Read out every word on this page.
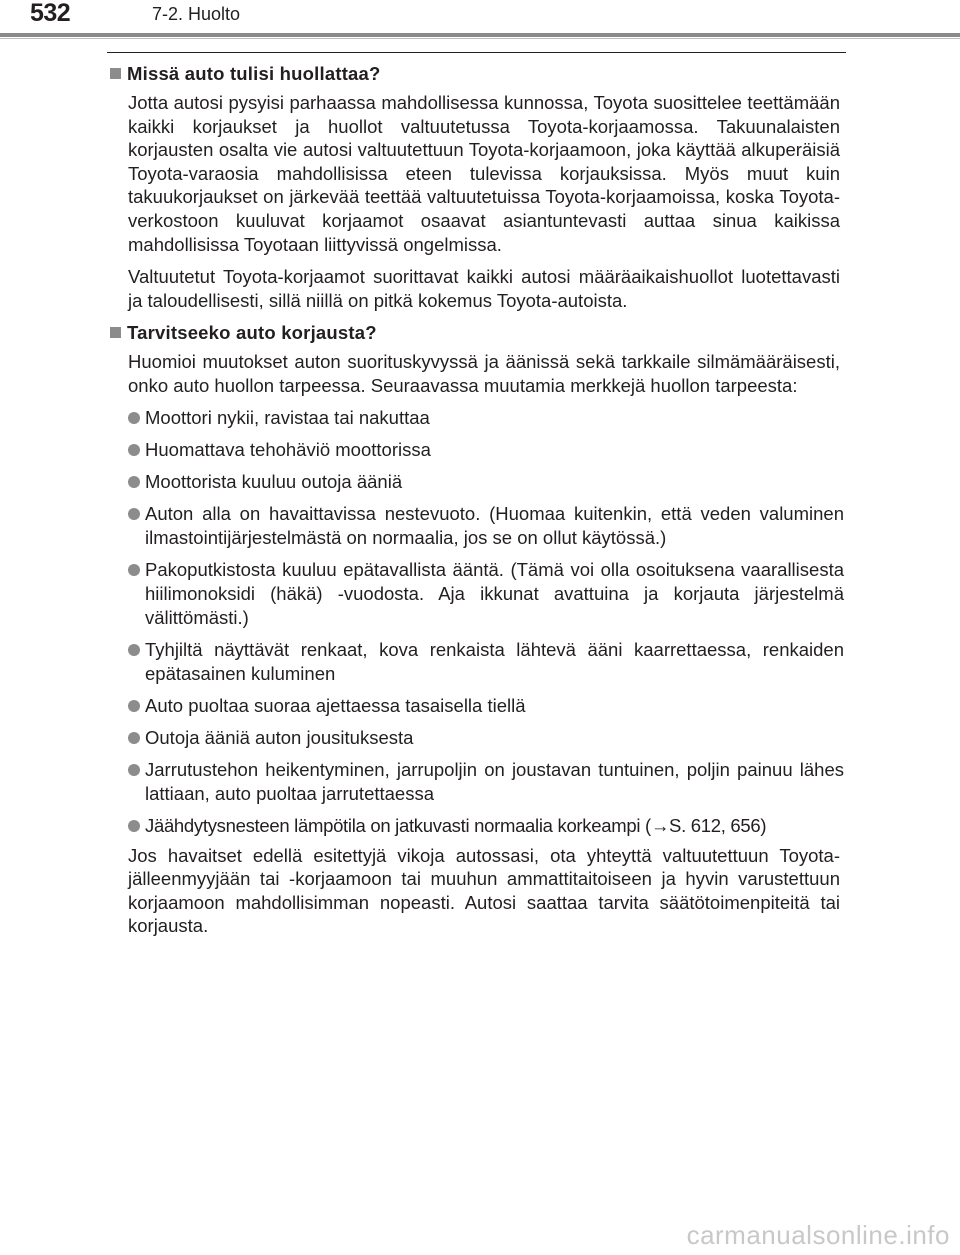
532	7-2. Huolto
Missä auto tulisi huollattaa?
Jotta autosi pysyisi parhaassa mahdollisessa kunnossa, Toyota suosittelee teettämään kaikki korjaukset ja huollot valtuutetussa Toyota-korjaamossa. Takuunalaisten korjausten osalta vie autosi valtuutettuun Toyota-korjaamoon, joka käyttää alkuperäisiä Toyota-varaosia mahdollisissa eteen tulevissa korjauksissa. Myös muut kuin takuukorjaukset on järkevää teettää valtuutetuissa Toyota-korjaamoissa, koska Toyota-verkostoon kuuluvat korjaamot osaavat asiantuntevasti auttaa sinua kaikissa mahdollisissa Toyotaan liittyvissä ongelmissa.
Valtuutetut Toyota-korjaamot suorittavat kaikki autosi määräaikaishuollot luotettavasti ja taloudellisesti, sillä niillä on pitkä kokemus Toyota-autoista.
Tarvitseeko auto korjausta?
Huomioi muutokset auton suorituskyvyssä ja äänissä sekä tarkkaile silmämääräisesti, onko auto huollon tarpeessa. Seuraavassa muutamia merkkejä huollon tarpeesta:
Moottori nykii, ravistaa tai nakuttaa
Huomattava tehohäviö moottorissa
Moottorista kuuluu outoja ääniä
Auton alla on havaittavissa nestevuoto. (Huomaa kuitenkin, että veden valuminen ilmastointijärjestelmästä on normaalia, jos se on ollut käytössä.)
Pakoputkistosta kuuluu epätavallista ääntä. (Tämä voi olla osoituksena vaarallisesta hiilimonoksidi (häkä) -vuodosta. Aja ikkunat avattuina ja korjauta järjestelmä välittömästi.)
Tyhjiltä näyttävät renkaat, kova renkaista lähtevä ääni kaarrettaessa, renkaiden epätasainen kuluminen
Auto puoltaa suoraa ajettaessa tasaisella tiellä
Outoja ääniä auton jousituksesta
Jarrutustehon heikentyminen, jarrupoljin on joustavan tuntuinen, poljin painuu lähes lattiaan, auto puoltaa jarrutettaessa
Jäähdytysnesteen lämpötila on jatkuvasti normaalia korkeampi (→S. 612, 656)
Jos havaitset edellä esitettyjä vikoja autossasi, ota yhteyttä valtuutettuun Toyota-jälleenmyyjään tai -korjaamoon tai muuhun ammattitaitoiseen ja hyvin varustettuun korjaamoon mahdollisimman nopeasti. Autosi saattaa tarvita säätötoimenpiteitä tai korjausta.
carmanualsonline.info
